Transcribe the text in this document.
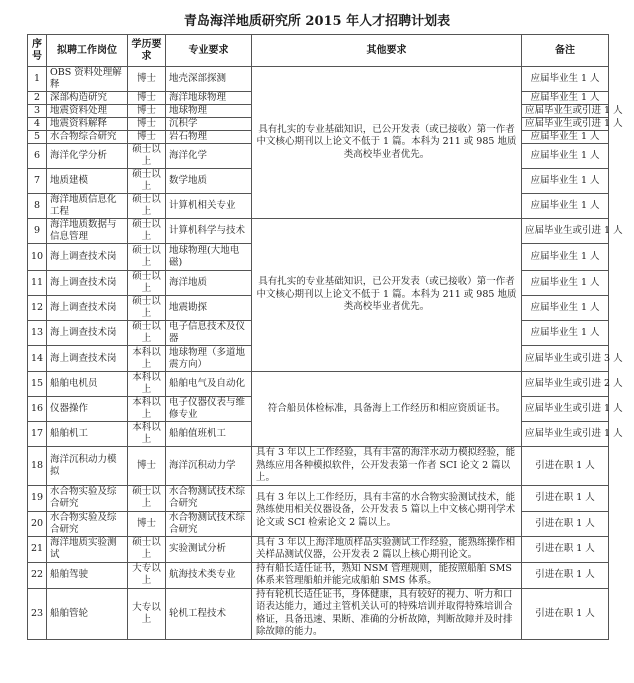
青岛海洋地质研究所 2015 年人才招聘计划表
序号	拟聘工作岗位	学历要求	专业要求	其他要求	备注
1	OBS 资料处理解释	博士	地壳深部探测	具有扎实的专业基础知识，已公开发表（或已接收）第一作者中文核心期刊以上论文不低于 1 篇。本科为 211 或 985 地质类高校毕业者优先。	应届毕业生 1 人
2	深部构造研究	博士	海洋地球物理		应届毕业生 1 人
3	地震资料处理	博士	地球物理		应届毕业生或引进 1 人
4	地震资料解释	博士	沉积学		应届毕业生或引进 1 人
5	水合物综合研究	博士	岩石物理		应届毕业生 1 人
6	海洋化学分析	硕士以上	海洋化学		应届毕业生 1 人
7	地质建模	硕士以上	数学地质		应届毕业生 1 人
8	海洋地质信息化工程	硕士以上	计算机相关专业		应届毕业生 1 人
9	海洋地质数据与信息管理	硕士以上	计算机科学与技术	具有扎实的专业基础知识，已公开发表（或已接收）第一作者中文核心期刊以上论文不低于 1 篇。本科为 211 或 985 地质类高校毕业者优先。	应届毕业生或引进 1 人
10	海上调查技术岗	硕士以上	地球物理(大地电磁)		应届毕业生 1 人
11	海上调查技术岗	硕士以上	海洋地质		应届毕业生 1 人
12	海上调查技术岗	硕士以上	地震勘探		应届毕业生 1 人
13	海上调查技术岗	硕士以上	电子信息技术及仪器		应届毕业生 1 人
14	海上调查技术岗	本科以上	地球物理（多道地震方向）		应届毕业生或引进 3 人
15	船舶电机员	本科以上	船舶电气及自动化	符合船员体检标准，具备海上工作经历和相应资质证书。	应届毕业生或引进 2 人
16	仪器操作	本科以上	电子仪器仪表与维修专业		应届毕业生或引进 1 人
17	船舶机工	本科以上	船舶值班机工		应届毕业生或引进 1 人
18	海洋沉积动力模拟	博士	海洋沉积动力学	具有 3 年以上工作经验，具有丰富的海洋水动力模拟经验，能熟练应用各种模拟软件，公开发表第一作者 SCI 论文 2 篇以上。	引进在职 1 人
19	水合物实验及综合研究	硕士以上	水合物测试技术综合研究	具有 3 年以上工作经历，具有丰富的水合物实验测试技术，能熟练使用相关仪器设备，公开发表 5 篇以上中文核心期刊学术论文或 SCI 检索论文 2 篇以上。	引进在职 1 人
20	水合物实验及综合研究	博士	水合物测试技术综合研究		引进在职 1 人
21	海洋地质实验测试	硕士以上	实验测试分析	具有 3 年以上海洋地质样品实验测试工作经验，能熟练操作相关样品测试仪器，公开发表 2 篇以上核心期刊论文。	引进在职 1 人
22	船舶驾驶	大专以上	航海技术类专业	持有船长适任证书，熟知 NSM 管理规则，能按照船舶 SMS 体系来管理船舶并能完成船舶 SMS 体系。	引进在职 1 人
23	船舶管轮	大专以上	轮机工程技术	持有轮机长适任证书，身体健康，具有较好的视力、听力和口语表达能力，通过主管机关认可的特殊培训并取得特殊培训合格证，具备迅速、果断、准确的分析故障，判断故障并及时排除故障的能力。	引进在职 1 人
